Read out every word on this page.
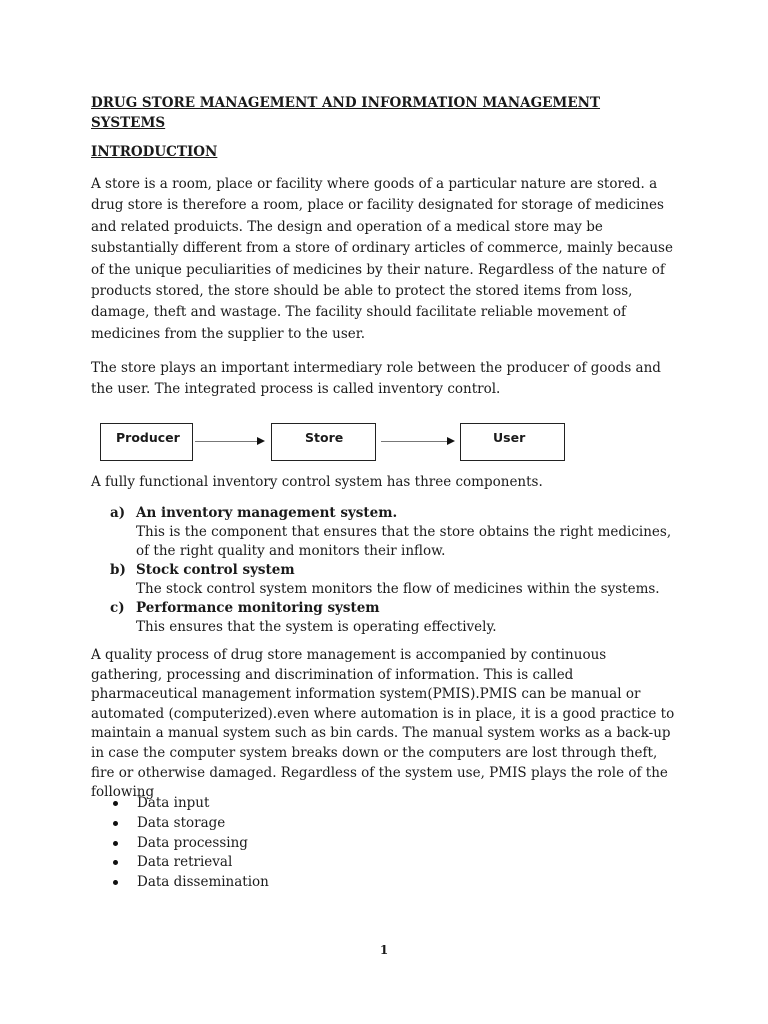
DRUG STORE MANAGEMENT AND INFORMATION MANAGEMENT SYSTEMS
INTRODUCTION

A store is a room, place or facility where goods of a particular nature are stored. a drug store is therefore a room, place or facility designated for storage of medicines and related produicts. The design and operation of a medical store may be substantially different from a store of ordinary articles of commerce, mainly because of the unique peculiarities of medicines by their nature. Regardless of the nature of products stored, the store should be able to protect the stored items from loss, damage, theft and wastage. The facility should facilitate reliable movement of medicines from the supplier to the user.

The store plays an important intermediary role between the producer of goods and the user. The integrated process is called inventory control.

Producer	Store	User

A fully functional inventory control system has three components.

a) An inventory management system.
This is the component that ensures that the store obtains the right medicines, of the right quality and monitors their inflow.
b) Stock control system
The stock control system monitors the flow of medicines within the systems.
c) Performance monitoring system
This ensures that the system is operating effectively.

A quality process of drug store management is accompanied by continuous gathering, processing and discrimination of information. This is called pharmaceutical management information system(PMIS).PMIS can be manual or automated (computerized).even where automation is in place, it is a good practice to maintain a manual system such as bin cards. The manual system works as a back-up in case the computer system breaks down or the computers are lost through theft, fire or otherwise damaged. Regardless of the system use, PMIS plays the role of the following

Data input
Data storage
Data processing
Data retrieval
Data dissemination
1
